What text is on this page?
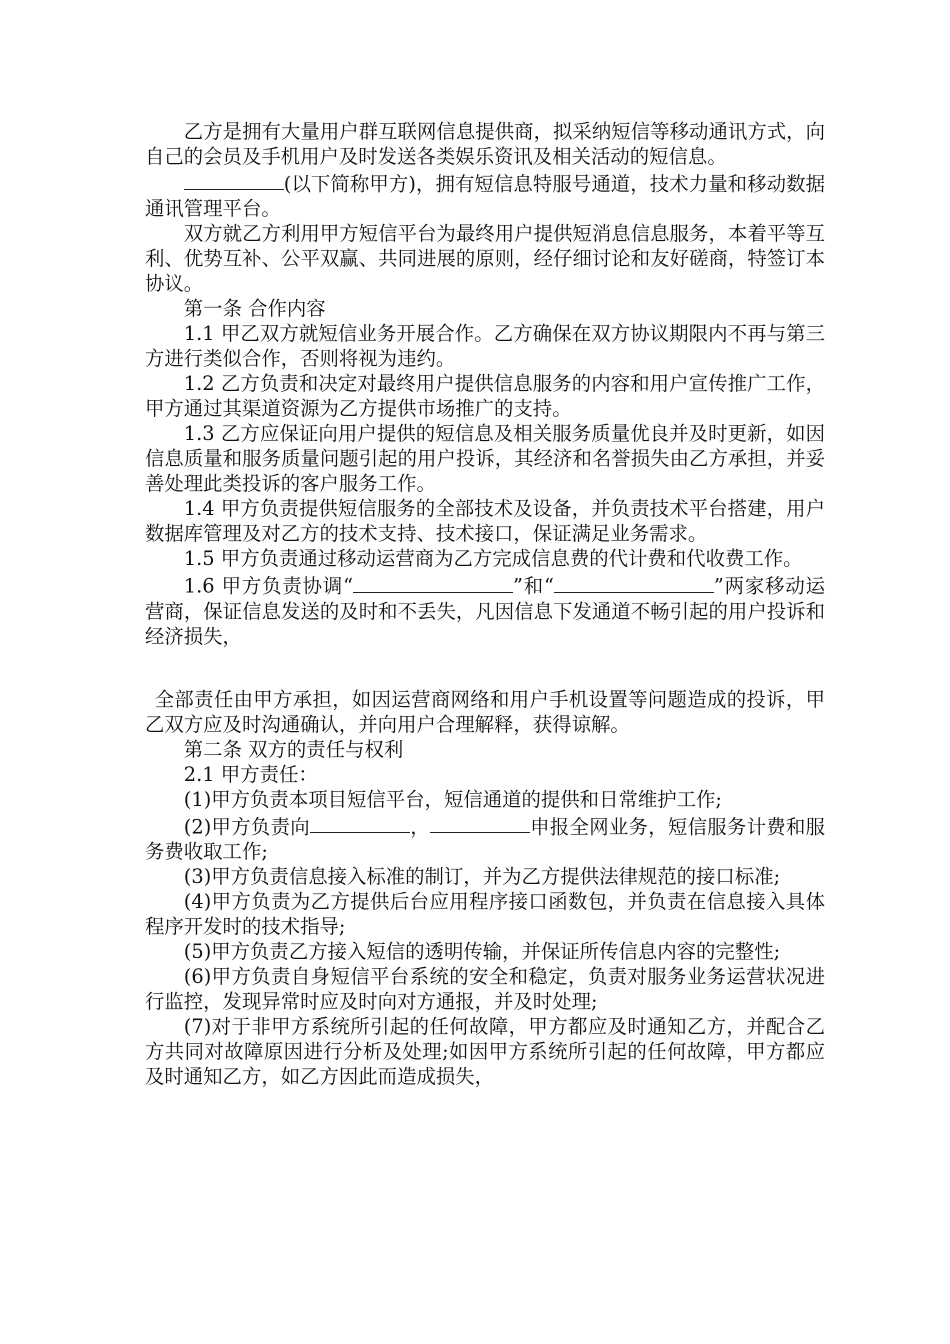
乙方是拥有大量用户群互联网信息提供商，拟采纳短信等移动通讯方式，向自己的会员及手机用户及时发送各类娱乐资讯及相关活动的短信息。

(以下简称甲方)，拥有短信息特服号通道，技术力量和移动数据通讯管理平台。

双方就乙方利用甲方短信平台为最终用户提供短消息信息服务，本着平等互利、优势互补、公平双赢、共同进展的原则，经仔细讨论和友好磋商，特签订本协议。

第一条 合作内容

1.1 甲乙双方就短信业务开展合作。乙方确保在双方协议期限内不再与第三方进行类似合作，否则将视为违约。

1.2 乙方负责和决定对最终用户提供信息服务的内容和用户宣传推广工作，甲方通过其渠道资源为乙方提供市场推广的支持。

1.3 乙方应保证向用户提供的短信息及相关服务质量优良并及时更新，如因信息质量和服务质量问题引起的用户投诉，其经济和名誉损失由乙方承担，并妥善处理此类投诉的客户服务工作。

1.4 甲方负责提供短信服务的全部技术及设备，并负责技术平台搭建，用户数据库管理及对乙方的技术支持、技术接口，保证满足业务需求。

1.5 甲方负责通过移动运营商为乙方完成信息费的代计费和代收费工作。

1.6 甲方负责协调“	”和“	”两家移动运营商，保证信息发送的及时和不丢失，凡因信息下发通道不畅引起的用户投诉和经济损失，

全部责任由甲方承担，如因运营商网络和用户手机设置等问题造成的投诉，甲乙双方应及时沟通确认，并向用户合理解释，获得谅解。

第二条 双方的责任与权利

2.1 甲方责任：

(1)甲方负责本项目短信平台，短信通道的提供和日常维护工作;

(2)甲方负责向	，	申报全网业务，短信服务计费和服务费收取工作;

(3)甲方负责信息接入标准的制订，并为乙方提供法律规范的接口标准;

(4)甲方负责为乙方提供后台应用程序接口函数包，并负责在信息接入具体程序开发时的技术指导;

(5)甲方负责乙方接入短信的透明传输，并保证所传信息内容的完整性;

(6)甲方负责自身短信平台系统的安全和稳定，负责对服务业务运营状况进行监控，发现异常时应及时向对方通报，并及时处理;

(7)对于非甲方系统所引起的任何故障，甲方都应及时通知乙方，并配合乙方共同对故障原因进行分析及处理;如因甲方系统所引起的任何故障，甲方都应及时通知乙方，如乙方因此而造成损失，
